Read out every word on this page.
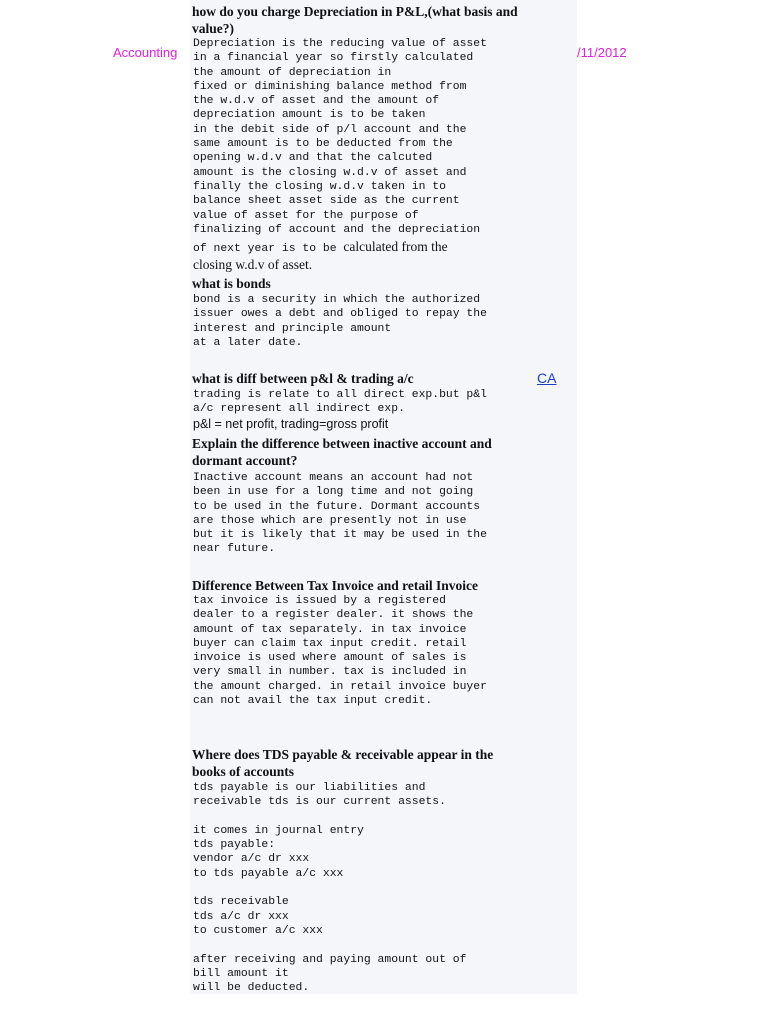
Accounting	/11/2012
CA
how do you charge Depreciation in P&L,(what basis and value?)
Depreciation is the reducing value of asset
in a financial year so firstly calculated
the amount of depreciation in
fixed or diminishing balance method from
the w.d.v of asset and the amount of
depreciation amount is to be taken
in the debit side of p/l account and the
same amount is to be deducted from the
opening w.d.v and that the calcuted
amount is the closing w.d.v of asset and
finally the closing w.d.v taken in to
balance sheet asset side as the current
value of asset for the purpose of
finalizing of account and the depreciation
of next year is to be calculated from the
closing w.d.v of asset.
what is bonds
bond is a security in which the authorized
issuer owes a debt and obliged to repay the
interest and principle amount
at a later date.
what is diff between p&l & trading a/c
trading is relate to all direct exp.but p&l
a/c represent all indirect exp.
p&l = net profit, trading=gross profit
Explain the difference between inactive account and dormant account?
Inactive account means an account had not
been in use for a long time and not going
to be used in the future. Dormant accounts
are those which are presently not in use
but it is likely that it may be used in the
near future.
Difference Between Tax Invoice and retail Invoice
tax invoice is issued by a registered
dealer to a register dealer. it shows the
amount of tax separately. in tax invoice
buyer can claim tax input credit. retail
invoice is used where amount of sales is
very small in number. tax is included in
the amount charged. in retail invoice buyer
can not avail the tax input credit.
Where does TDS payable & receivable appear in the books of accounts
tds payable is our liabilities and
receivable tds is our current assets.

it comes in journal entry
tds payable:
vendor a/c dr xxx
to tds payable a/c xxx

tds receivable
tds a/c dr xxx
to customer a/c xxx

after receiving and paying amount out of
bill amount it
will be deducted.
